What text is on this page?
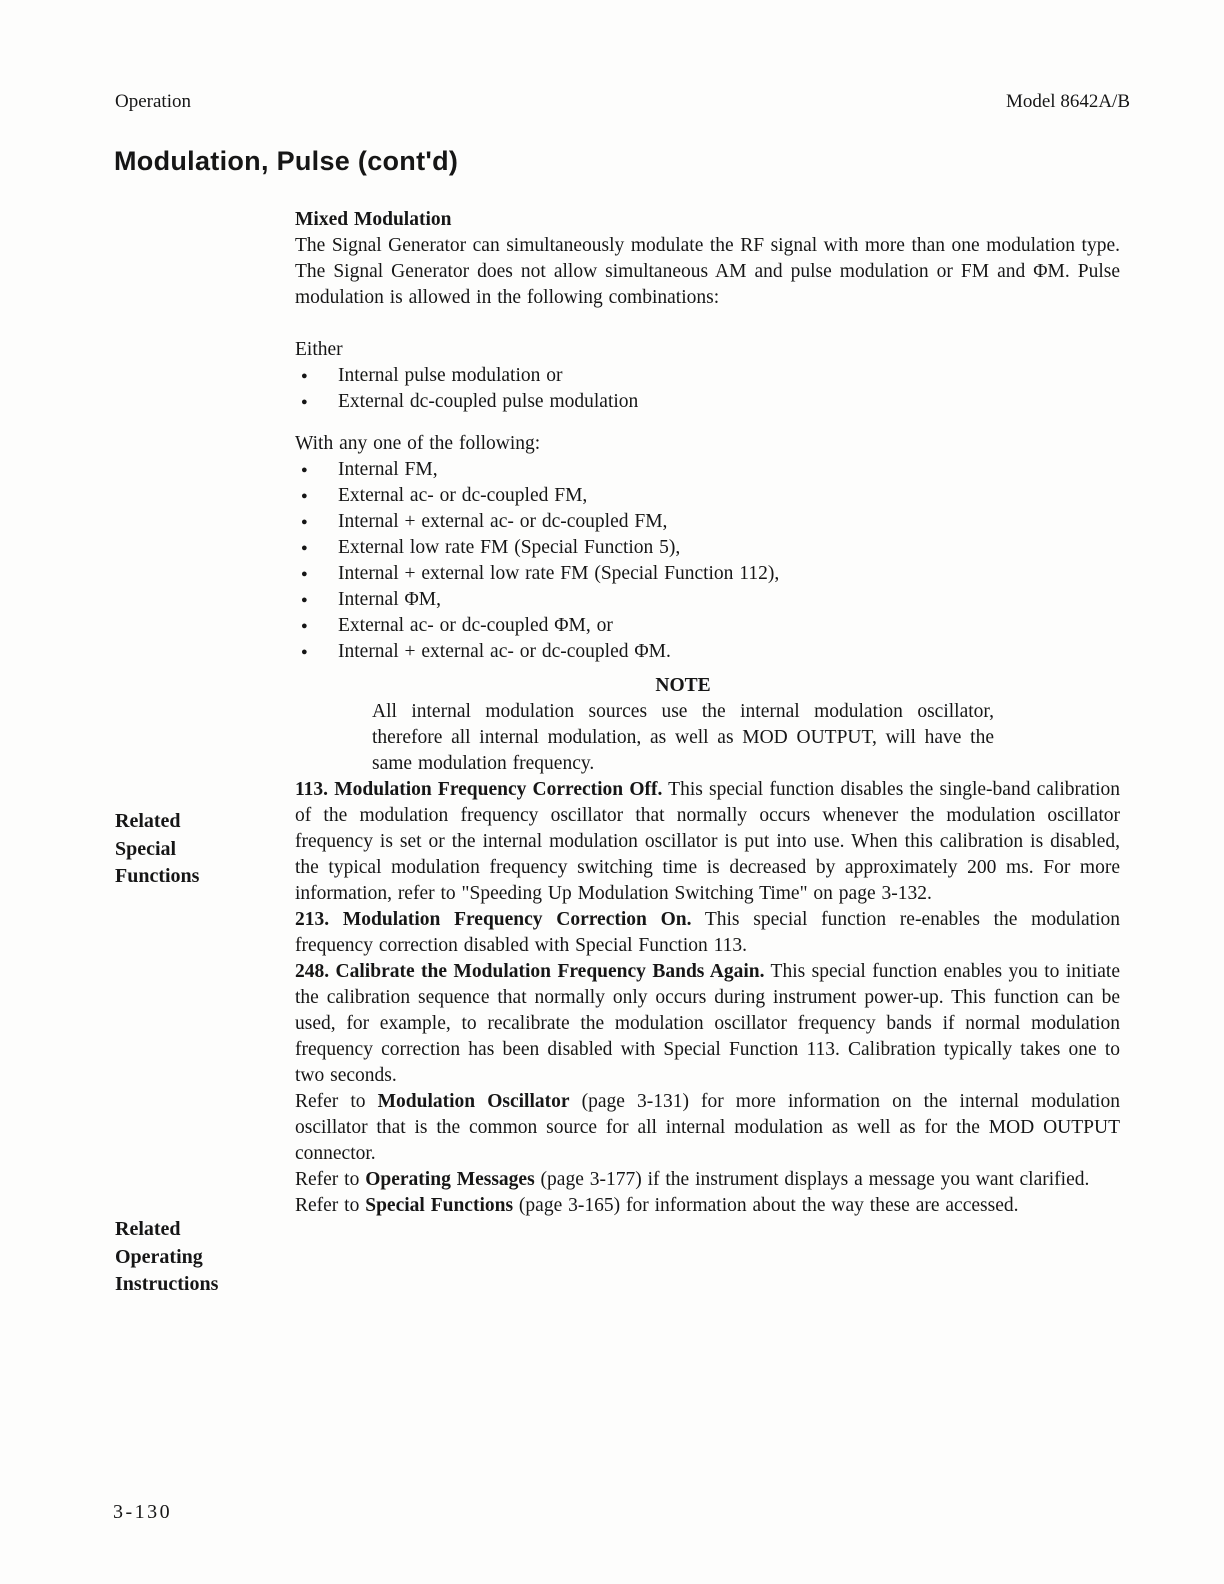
Operation	Model 8642A/B
Modulation, Pulse (cont'd)
Mixed Modulation

The Signal Generator can simultaneously modulate the RF signal with more than one modulation type. The Signal Generator does not allow simultaneous AM and pulse modulation or FM and ΦM. Pulse modulation is allowed in the following combinations:

Either
●	Internal pulse modulation or
●	External dc-coupled pulse modulation
With any one of the following:
●	Internal FM,
●	External ac- or dc-coupled FM,
●	Internal + external ac- or dc-coupled FM,
●	External low rate FM (Special Function 5),
●	Internal + external low rate FM (Special Function 112),
●	Internal ΦM,
●	External ac- or dc-coupled ΦM, or
●	Internal + external ac- or dc-coupled ΦM.
NOTE

All internal modulation sources use the internal modulation oscillator, therefore all internal modulation, as well as MOD OUTPUT, will have the same modulation frequency.

113. Modulation Frequency Correction Off. This special function disables the single-band calibration of the modulation frequency oscillator that normally occurs whenever the modulation oscillator frequency is set or the internal modulation oscillator is put into use. When this calibration is disabled, the typical modulation frequency switching time is decreased by approximately 200 ms. For more information, refer to "Speeding Up Modulation Switching Time" on page 3-132.

213. Modulation Frequency Correction On. This special function re-enables the modulation frequency correction disabled with Special Function 113.

248. Calibrate the Modulation Frequency Bands Again. This special function enables you to initiate the calibration sequence that normally only occurs during instrument power-up. This function can be used, for example, to recalibrate the modulation oscillator frequency bands if normal modulation frequency correction has been disabled with Special Function 113. Calibration typically takes one to two seconds.

Refer to Modulation Oscillator (page 3-131) for more information on the internal modulation oscillator that is the common source for all internal modulation as well as for the MOD OUTPUT connector.

Refer to Operating Messages (page 3-177) if the instrument displays a message you want clarified.

Refer to Special Functions (page 3-165) for information about the way these are accessed.

Related
Special
Functions
Related
Operating
Instructions
3-130
